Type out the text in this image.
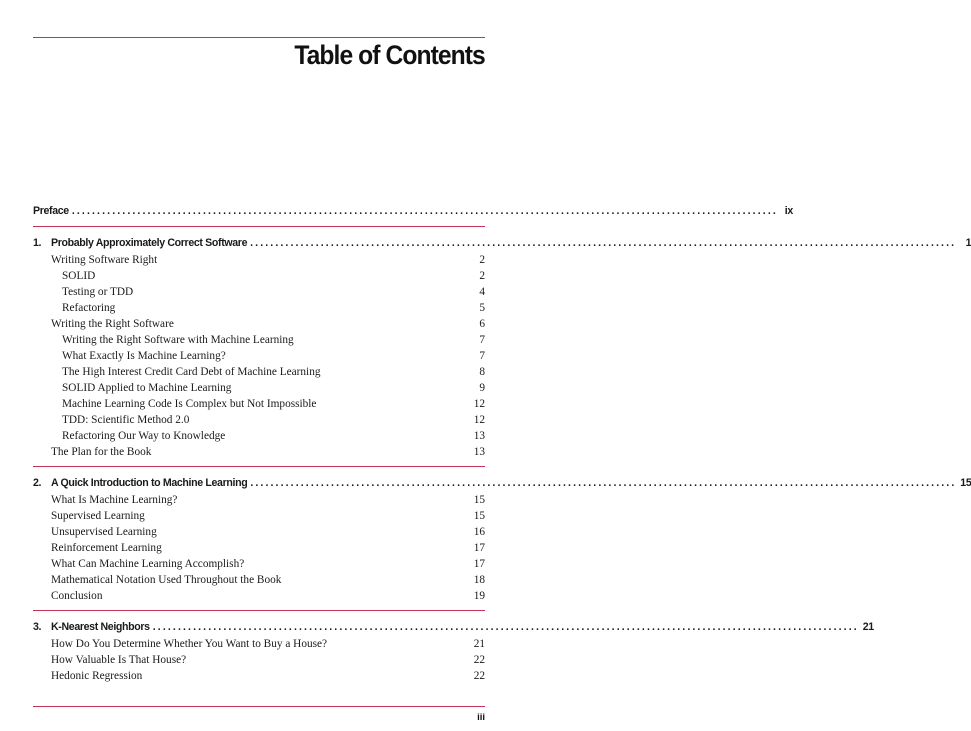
Table of Contents
Preface ............................................................................................................................................ ix
1. Probably Approximately Correct Software ............................................................................................................................................ 1
Writing Software Right	2
SOLID	2
Testing or TDD	4
Refactoring	5
Writing the Right Software	6
Writing the Right Software with Machine Learning	7
What Exactly Is Machine Learning?	7
The High Interest Credit Card Debt of Machine Learning	8
SOLID Applied to Machine Learning	9
Machine Learning Code Is Complex but Not Impossible	12
TDD: Scientific Method 2.0	12
Refactoring Our Way to Knowledge	13
The Plan for the Book	13
2. A Quick Introduction to Machine Learning ............................................................................................................................................ 15
What Is Machine Learning?	15
Supervised Learning	15
Unsupervised Learning	16
Reinforcement Learning	17
What Can Machine Learning Accomplish?	17
Mathematical Notation Used Throughout the Book	18
Conclusion	19
3. K-Nearest Neighbors ............................................................................................................................................ 21
How Do You Determine Whether You Want to Buy a House?	21
How Valuable Is That House?	22
Hedonic Regression	22
iii
